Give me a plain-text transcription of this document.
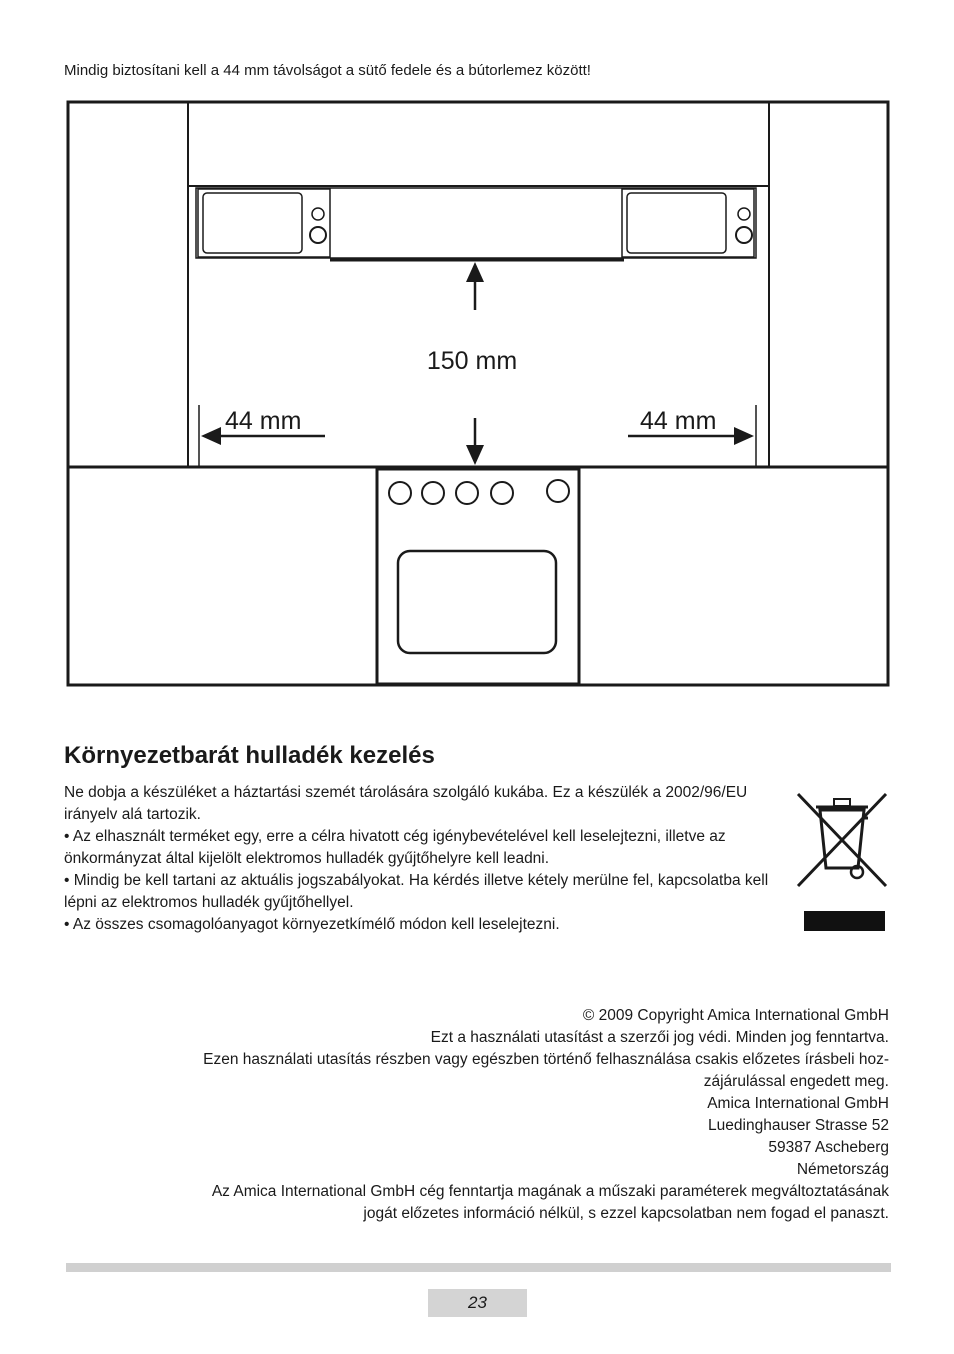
Mindig biztosítani kell a 44 mm távolságot a sütő fedele és a bútorlemez között!
150 mm
44 mm	44 mm
Környezetbarát hulladék kezelés

Ne dobja a készüléket a háztartási szemét tárolására szolgáló kukába. Ez a készülék a 2002/96/EU irányelv alá tartozik.

• Az elhasznált terméket egy, erre a célra hivatott cég igénybevételével kell leselejtezni, illetve az önkormányzat által kijelölt elektromos hulladék gyűjtőhelyre kell leadni.

• Mindig be kell tartani az aktuális jogszabályokat. Ha kérdés illetve kétely merülne fel, kapcsolatba kell lépni az elektromos hulladék gyűjtőhellyel.

• Az összes csomagolóanyagot környezetkímélő módon kell leselejtezni.

© 2009 Copyright Amica International GmbH
Ezt a használati utasítást a szerzői jog védi. Minden jog fenntartva.
Ezen használati utasítás részben vagy egészben történő felhasználása csakis előzetes írásbeli hoz-
zájárulással engedett meg.
Amica International GmbH
Luedinghauser Strasse 52
59387 Ascheberg
Németország
Az Amica International GmbH cég fenntartja magának a műszaki paraméterek megváltoztatásának
jogát előzetes információ nélkül, s ezzel kapcsolatban nem fogad el panaszt.
23
